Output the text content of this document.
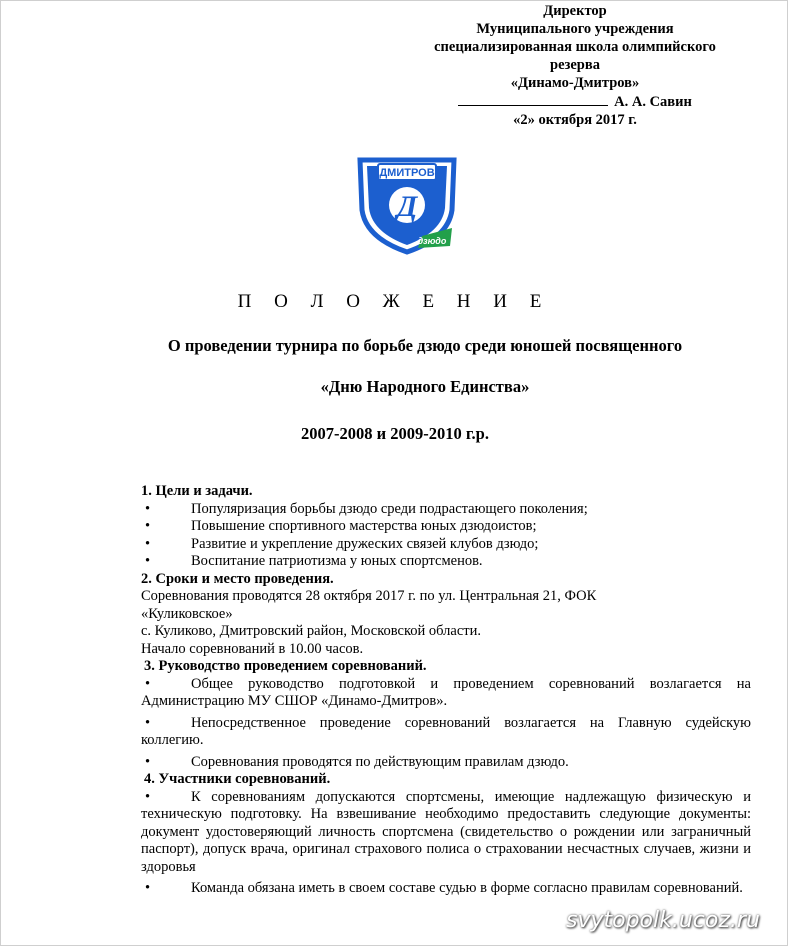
Директор
Муниципального учреждения
специализированная школа олимпийского
резерва
«Динамо-Дмитров»
А. А. Савин
«2» октября 2017 г.
ДМИТРОВ
Д
дзюдо
П О Л О Ж Е Н И Е
О проведении турнира по борьбе дзюдо среди юношей посвященного
«Дню Народного Единства»
2007-2008 и 2009-2010 г.р.
1. Цели и задачи.
•	Популяризация борьбы дзюдо среди подрастающего поколения;
•	Повышение спортивного мастерства юных дзюдоистов;
•	Развитие и укрепление дружеских связей клубов дзюдо;
•	Воспитание патриотизма у юных спортсменов.
2. Сроки и место проведения.
Соревнования проводятся 28 октября 2017 г. по ул. Центральная 21, ФОК
«Куликовское»
с. Куликово, Дмитровский район, Московской области.
Начало соревнований в 10.00 часов.
3. Руководство проведением соревнований.
•	Общее руководство подготовкой и проведением соревнований возлагается на Администрацию МУ СШОР «Динамо-Дмитров».
•	Непосредственное проведение соревнований возлагается на Главную судейскую коллегию.
•	Соревнования проводятся по действующим правилам дзюдо.
4. Участники соревнований.
•	К соревнованиям допускаются спортсмены, имеющие надлежащую физическую и техническую подготовку. На взвешивание необходимо предоставить следующие документы: документ удостоверяющий личность спортсмена (свидетельство о рождении или заграничный паспорт), допуск врача, оригинал страхового полиса о страховании несчастных случаев, жизни и здоровья
•	Команда обязана иметь в своем составе судью в форме согласно правилам соревнований.
svytopolk.ucoz.ru
